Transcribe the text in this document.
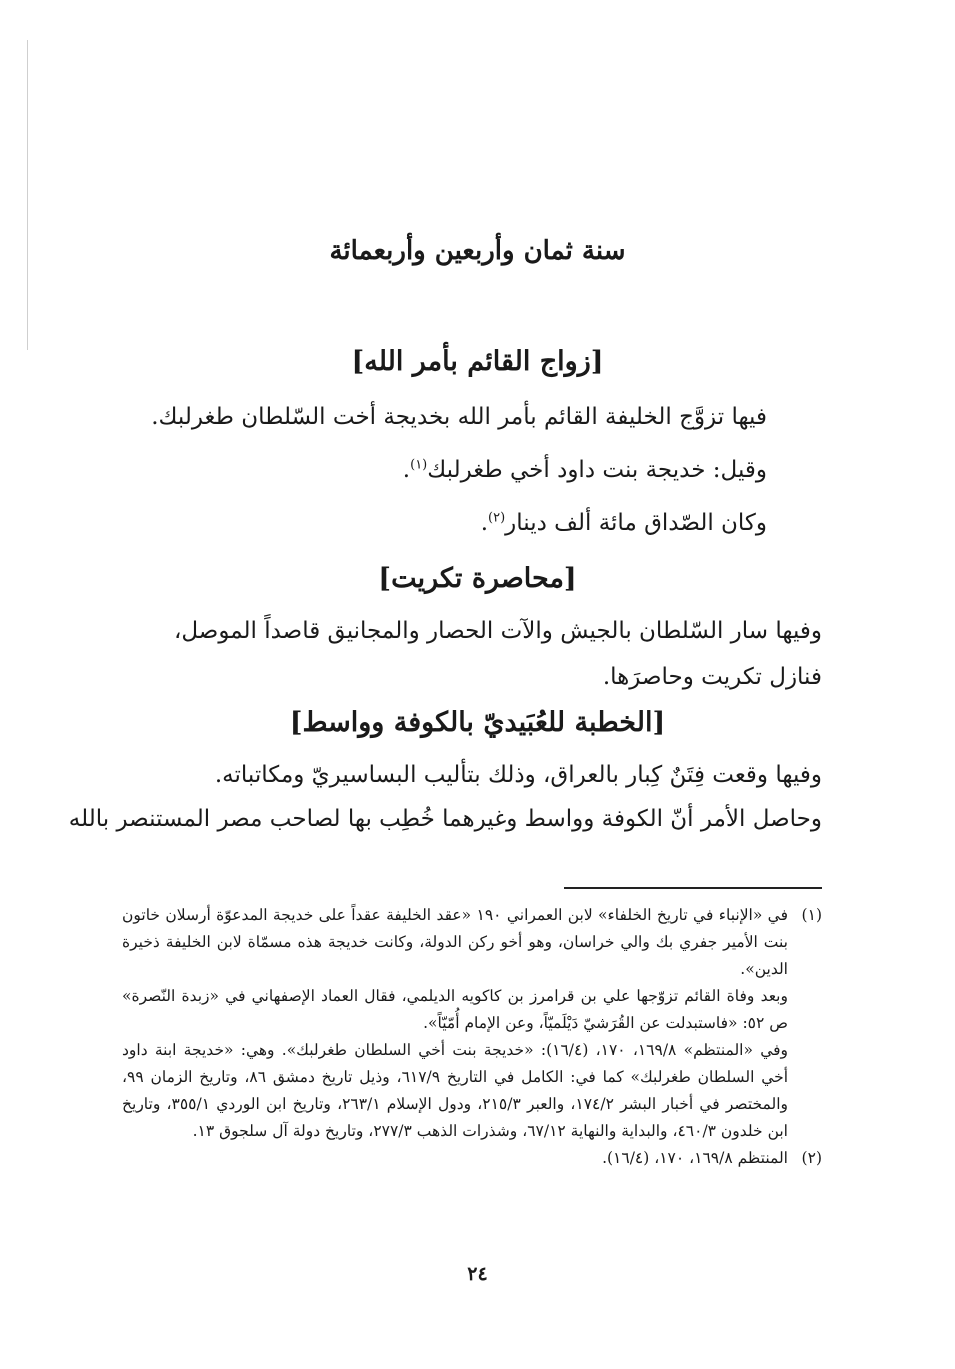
سنة ثمان وأربعين وأربعمائة
[زواج القائم بأمر الله]
فيها تزوَّج الخليفة القائم بأمر الله بخديجة أخت السّلطان طغرلبك.
وقيل: خديجة بنت داود أخي طغرلبك$^{(١)}$.
وكان الصّداق مائة ألف دينار$^{(٢)}$.
[محاصرة تكريت]
وفيها سار السّلطان بالجيش والآت الحصار والمجانيق قاصداً الموصل،
فنازل تكريت وحاصرَها.
[الخطبة للعُبَيديّ بالكوفة وواسط]
وفيها وقعت فِتَنٌ كِبار بالعراق، وذلك بتأليب البساسيريّ ومكاتباته.
وحاصل الأمر أنّ الكوفة وواسط وغيرهما خُطِب بها لصاحب مصر المستنصر بالله
(١)

في «الإنباء في تاريخ الخلفاء» لابن العمراني ١٩٠ «عقد الخليفة عقداً على خديجة المدعوّة أرسلان خاتون بنت الأمير جفري بك والي خراسان، وهو أخو ركن الدولة، وكانت خديجة هذه مسمّاة لابن الخليفة ذخيرة الدين».

وبعد وفاة القائم تزوّجها علي بن قرامرز بن كاكويه الديلمي، فقال العماد الإصفهاني في «زبدة النّصرة» ص ٥٢: «فاستبدلت عن القُرَشيّ دَيْلَميّاً، وعن الإمام أُمّيّاً».

وفي «المنتظم» ١٦٩/٨، ١٧٠، (١٦/٤): «خديجة بنت أخي السلطان طغرلبك». وهي: «خديجة ابنة داود أخي السلطان طغرلبك» كما في: الكامل في التاريخ ٦١٧/٩، وذيل تاريخ دمشق ٨٦، وتاريخ الزمان ٩٩، والمختصر في أخبار البشر ١٧٤/٢، والعبر ٢١٥/٣، ودول الإسلام ٢٦٣/١، وتاريخ ابن الوردي ٣٥٥/١، وتاريخ ابن خلدون ٤٦٠/٣، والبداية والنهاية ٦٧/١٢، وشذرات الذهب ٢٧٧/٣، وتاريخ دولة آل سلجوق ١٣.

(٢)

المنتظم ١٦٩/٨، ١٧٠، (١٦/٤).

٢٤
